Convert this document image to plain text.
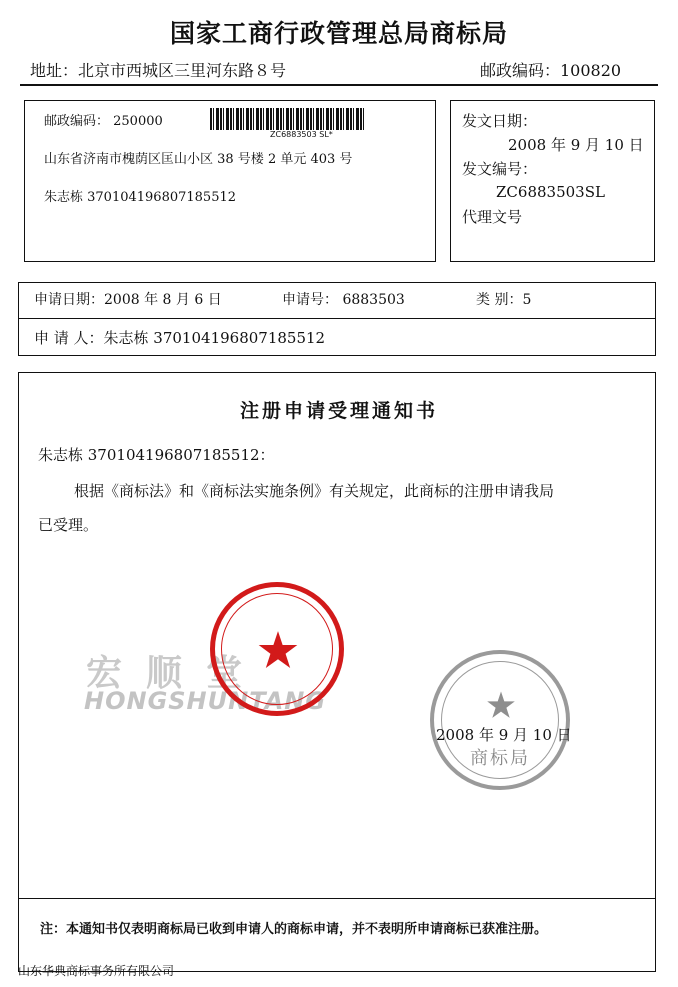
国家工商行政管理总局商标局
地址：北京市西城区三里河东路８号	邮政编码：100820
邮政编码： 250000
ZC6883503 SL*
山东省济南市槐荫区匡山小区 38 号楼 2 单元 403 号
朱志栋 370104196807185512
发文日期：
2008 年 9 月 10 日
发文编号：
ZC6883503SL
代理文号
申请日期：2008 年 8 月 6 日	申请号： 6883503	类 别：5
申 请 人：朱志栋 370104196807185512
注册申请受理通知书
朱志栋 370104196807185512：
根据《商标法》和《商标法实施条例》有关规定，此商标的注册申请我局
已受理。
宏顺堂
HONGSHUNTANG
商标局
2008 年 9 月 10 日
注：本通知书仅表明商标局已收到申请人的商标申请，并不表明所申请商标已获准注册。
山东华典商标事务所有限公司
